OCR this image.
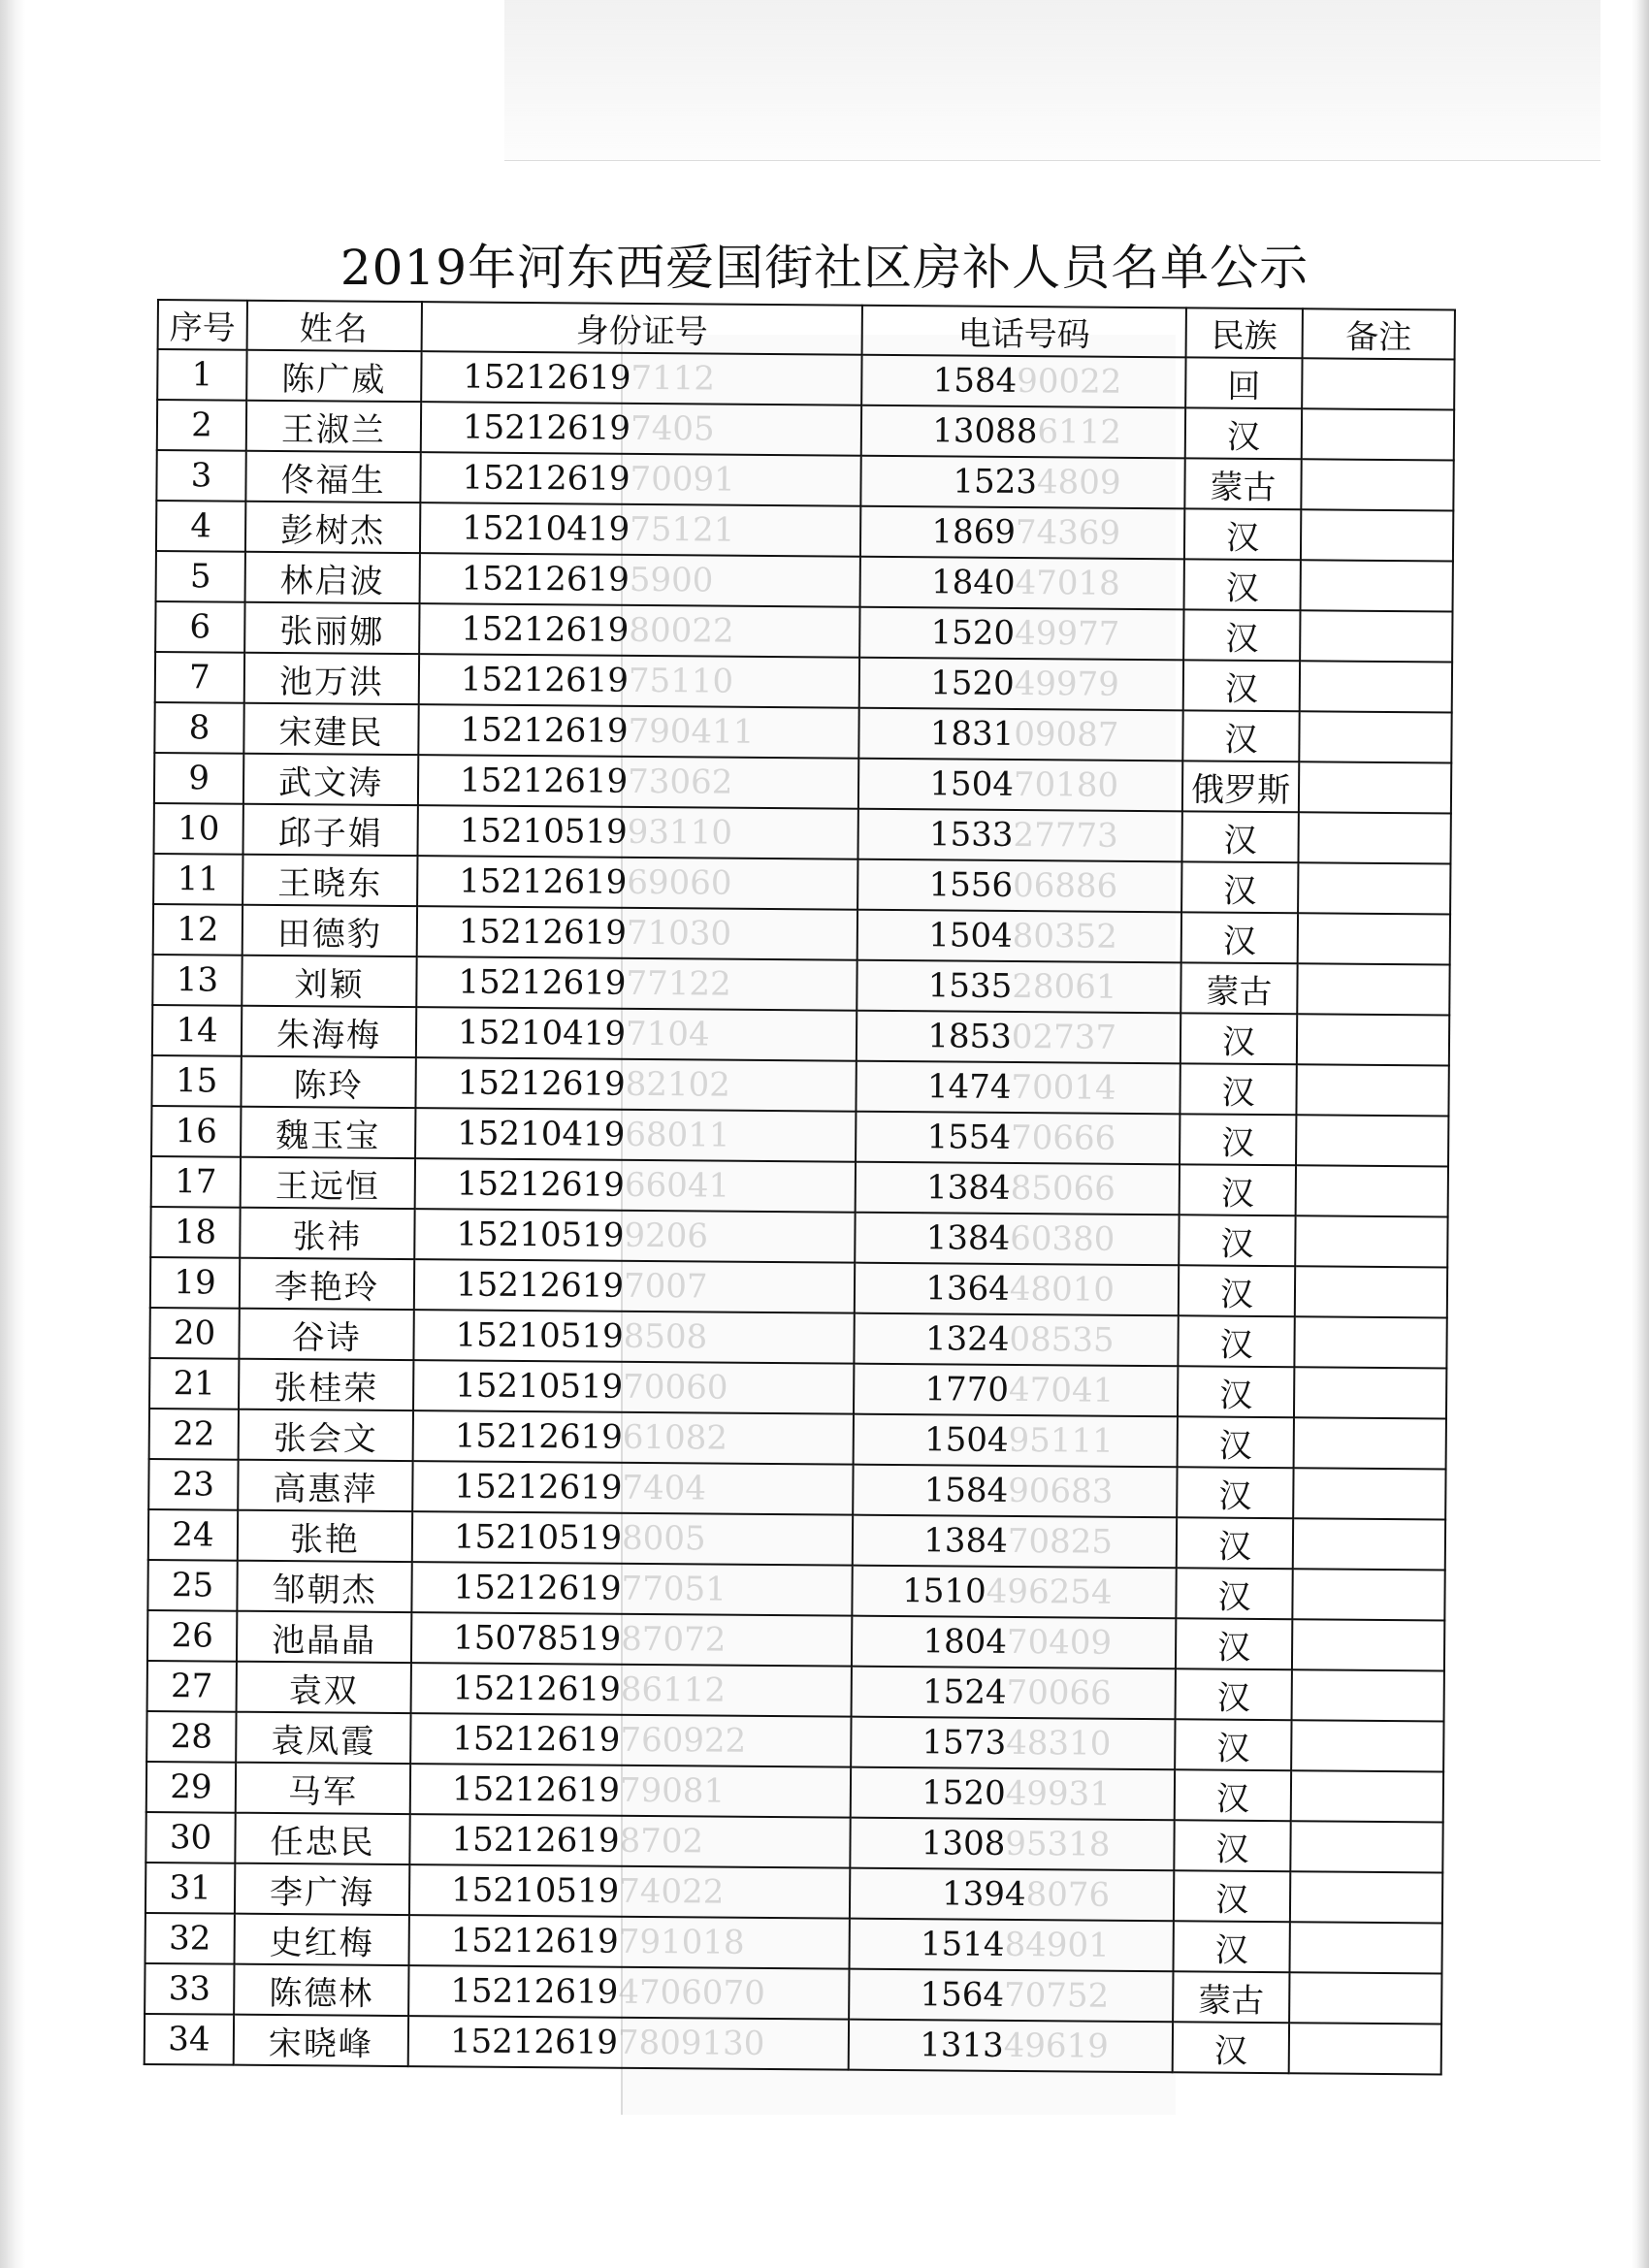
2019年河东西爱国街社区房补人员名单公示
序号	姓名	身份证号	电话号码	民族	备注
1	陈广威	152126197112	158490022	回	
2	王淑兰	152126197405	130886112	汉	
3	佟福生	1521261970091	15234809	蒙古	
4	彭树杰	1521041975121	186974369	汉	
5	林启波	152126195900	184047018	汉	
6	张丽娜	1521261980022	152049977	汉	
7	池万洪	1521261975110	152049979	汉	
8	宋建民	15212619790411	183109087	汉	
9	武文涛	1521261973062	150470180	俄罗斯	
10	邱子娟	1521051993110	153327773	汉	
11	王晓东	1521261969060	155606886	汉	
12	田德豹	1521261971030	150480352	汉	
13	刘颖	1521261977122	153528061	蒙古	
14	朱海梅	152104197104	185302737	汉	
15	陈玲	1521261982102	147470014	汉	
16	魏玉宝	1521041968011	155470666	汉	
17	王远恒	1521261966041	138485066	汉	
18	张祎	152105199206	138460380	汉	
19	李艳玲	152126197007	136448010	汉	
20	谷诗	152105198508	132408535	汉	
21	张桂荣	1521051970060	177047041	汉	
22	张会文	1521261961082	150495111	汉	
23	高惠萍	152126197404	158490683	汉	
24	张艳	152105198005	138470825	汉	
25	邹朝杰	1521261977051	1510496254	汉	
26	池晶晶	1507851987072	180470409	汉	
27	袁双	1521261986112	152470066	汉	
28	袁凤霞	15212619760922	157348310	汉	
29	马军	1521261979081	152049931	汉	
30	任忠民	152126198702	130895318	汉	
31	李广海	1521051974022	13948076	汉	
32	史红梅	15212619791018	151484901	汉	
33	陈德林	152126194706070	156470752	蒙古	
34	宋晓峰	152126197809130	131349619	汉	
